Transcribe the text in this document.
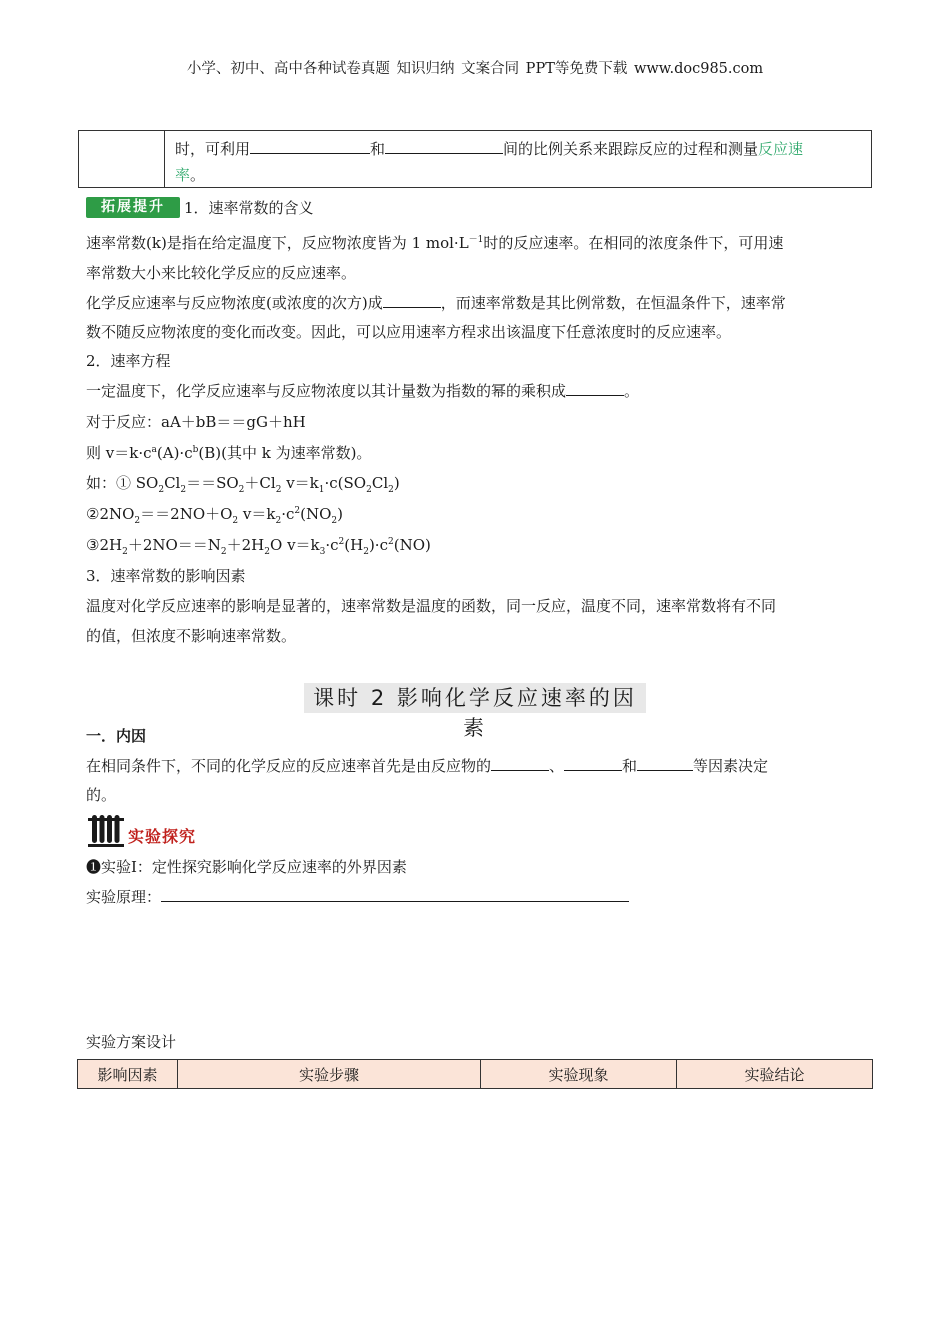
小学、初中、高中各种试卷真题 知识归纳 文案合同 PPT等免费下载 www.doc985.com
时，可利用	和	间的比例关系来跟踪反应的过程和测量反应速
率。
拓展提升	1．速率常数的含义
速率常数(k)是指在给定温度下，反应物浓度皆为 1 $mol\cdot L^{-1}$时的反应速率。在相同的浓度条件下，可用速
率常数大小来比较化学反应的反应速率。
化学反应速率与反应物浓度(或浓度的次方)成	，而速率常数是其比例常数，在恒温条件下，速率常
数不随反应物浓度的变化而改变。因此，可以应用速率方程求出该温度下任意浓度时的反应速率。
2．速率方程
一定温度下，化学反应速率与反应物浓度以其计量数为指数的幂的乘积成	。
对于反应：aA＋bB＝＝gG＋hH
则 $v=k\cdot c^a(A)\cdot c^b(B)$(其中 k 为速率常数)。
如：① $SO_2Cl_2==SO_2+Cl_2$ $v=k_1\cdot c(SO_2Cl_2)$
$②2NO_2==2NO+O_2$ $v=k_2\cdot c^2(NO_2)$
$③2H_2+2NO==N_2+2H_2O$ $v=k_3\cdot c^2(H_2)\cdot c^2(NO)$
3．速率常数的影响因素
温度对化学反应速率的影响是显著的，速率常数是温度的函数，同一反应，温度不同，速率常数将有不同
的值，但浓度不影响速率常数。
课时 2 影响化学反应速率的因素
一．内因
在相同条件下，不同的化学反应的反应速率首先是由反应物的	、	和	等因素决定
的。
实验探究
❶实验Ⅰ：定性探究影响化学反应速率的外界因素
实验原理：
实验方案设计
影响因素	实验步骤	实验现象	实验结论
